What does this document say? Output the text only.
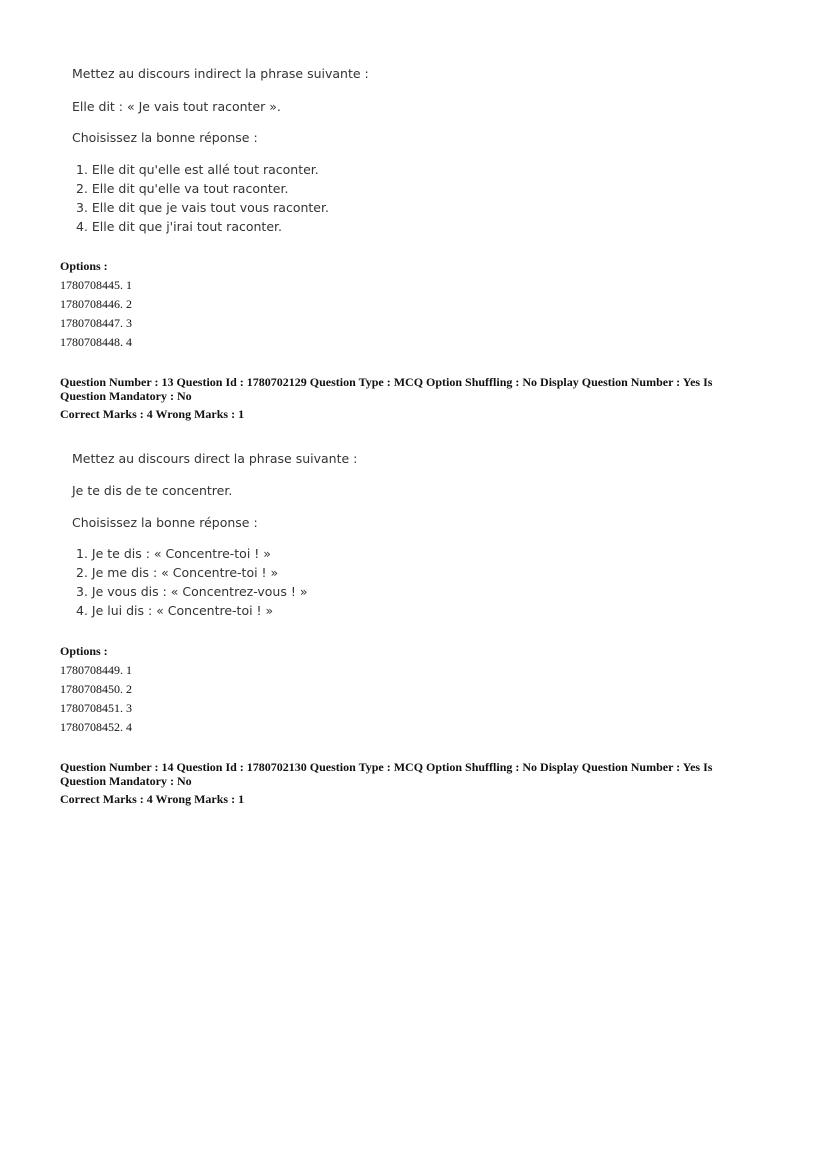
Mettez au discours indirect la phrase suivante :
Elle dit : « Je vais tout raconter ».
Choisissez la bonne réponse :
1. Elle dit qu'elle est allé tout raconter.
2. Elle dit qu'elle va tout raconter.
3. Elle dit que je vais tout vous raconter.
4. Elle dit que j'irai tout raconter.
Options :
1780708445. 1
1780708446. 2
1780708447. 3
1780708448. 4
Question Number : 13 Question Id : 1780702129 Question Type : MCQ Option Shuffling : No Display Question Number : Yes Is
Question Mandatory : No
Correct Marks : 4 Wrong Marks : 1
Mettez au discours direct la phrase suivante :
Je te dis de te concentrer.
Choisissez la bonne réponse :
1. Je te dis : « Concentre-toi ! »
2. Je me dis : « Concentre-toi ! »
3. Je vous dis : « Concentrez-vous ! »
4. Je lui dis : « Concentre-toi ! »
Options :
1780708449. 1
1780708450. 2
1780708451. 3
1780708452. 4
Question Number : 14 Question Id : 1780702130 Question Type : MCQ Option Shuffling : No Display Question Number : Yes Is
Question Mandatory : No
Correct Marks : 4 Wrong Marks : 1
